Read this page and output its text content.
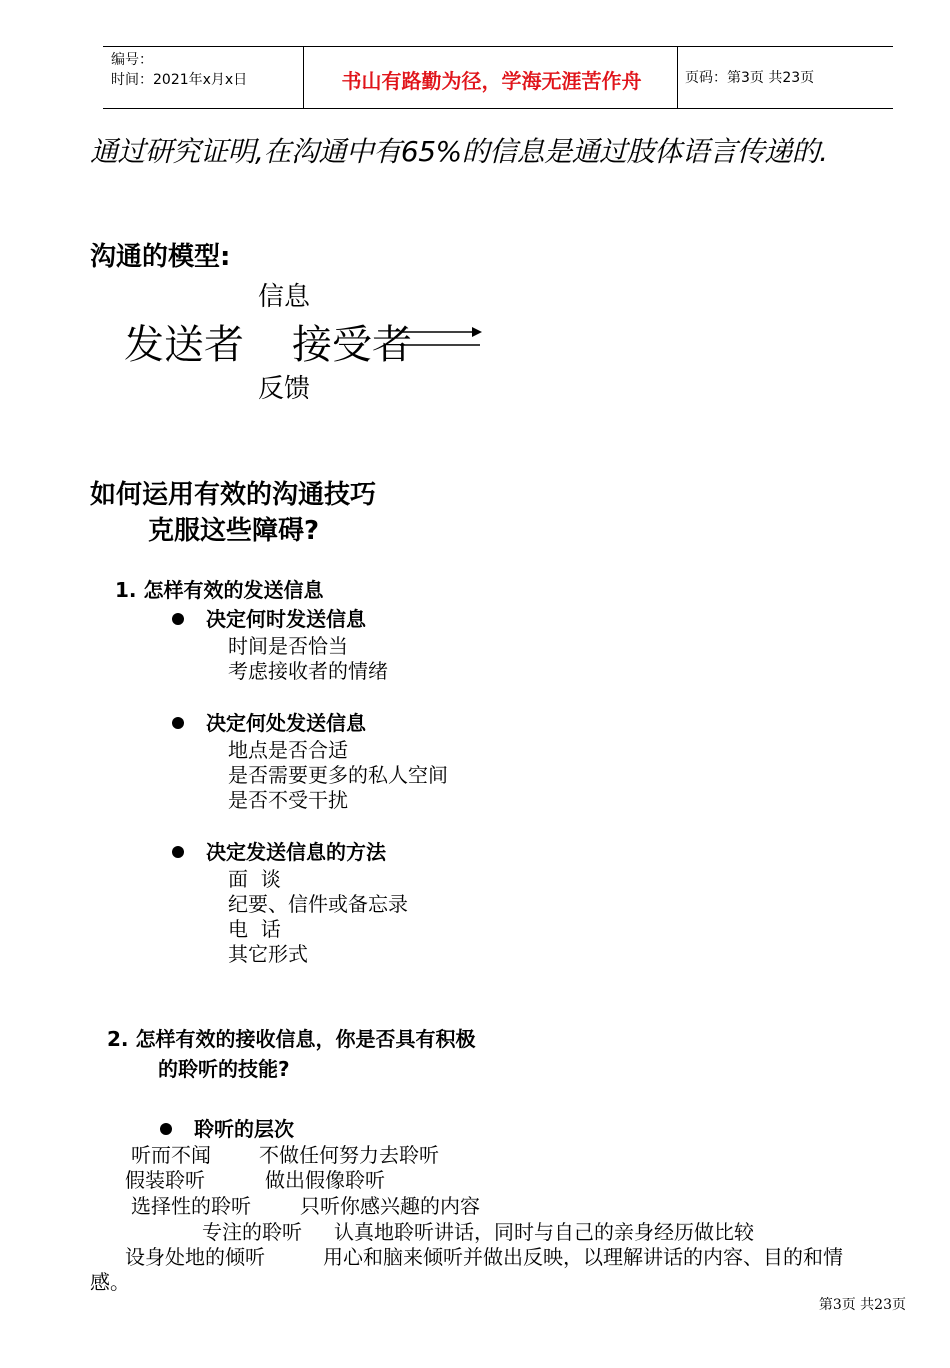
编号：
时间：2021年x月x日	书山有路勤为径，学海无涯苦作舟	页码：第3页 共23页
通过研究证明,在沟通中有65%的信息是通过肢体语言传递的.
沟通的模型:
信息
发送者 接受者
反馈
如何运用有效的沟通技巧
克服这些障碍?
1. 怎样有效的发送信息
决定何时发送信息
时间是否恰当
考虑接收者的情绪
决定何处发送信息
地点是否合适
是否需要更多的私人空间
是否不受干扰
决定发送信息的方法
面  谈
纪要、信件或备忘录
电  话
其它形式
2. 怎样有效的接收信息，你是否具有积极
的聆听的技能?
聆听的层次
听而不闻 不做任何努力去聆听
假装聆听	做出假像聆听
选择性的聆听 只听你感兴趣的内容
专注的聆听 认真地聆听讲话，同时与自己的亲身经历做比较
设身处地的倾听	用心和脑来倾听并做出反映，以理解讲话的内容、目的和情
感。
第3页 共23页
